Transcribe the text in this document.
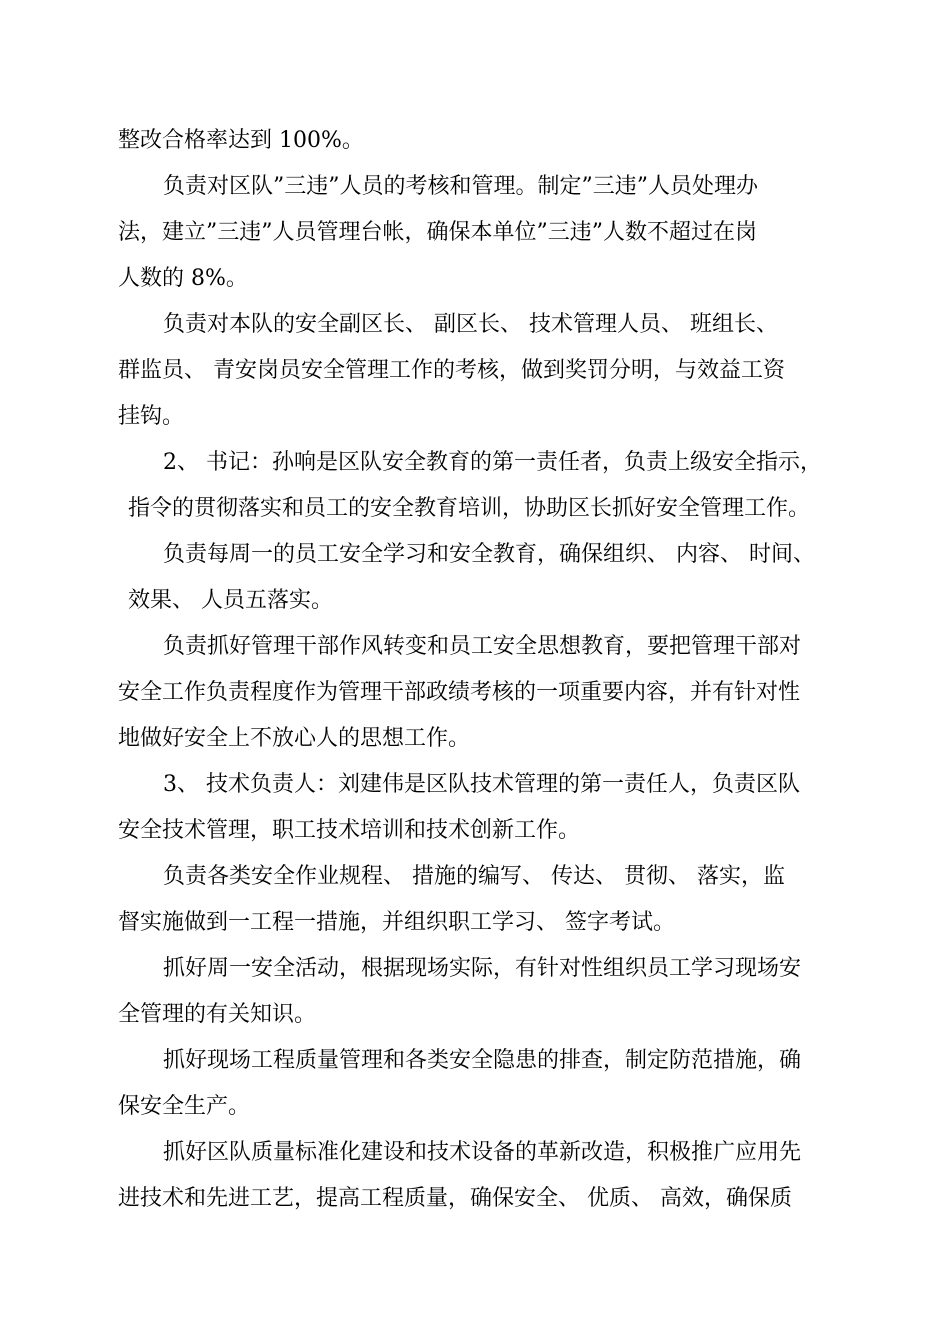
整改合格率达到 100%。
负责对区队”三违”人员的考核和管理。制定”三违”人员处理办
法，建立”三违”人员管理台帐，确保本单位”三违”人数不超过在岗
人数的 8%。
负责对本队的安全副区长、 副区长、 技术管理人员、 班组长、
群监员、 青安岗员安全管理工作的考核，做到奖罚分明，与效益工资
挂钩。
2、 书记：孙响是区队安全教育的第一责任者，负责上级安全指示，
指令的贯彻落实和员工的安全教育培训，协助区长抓好安全管理工作。
负责每周一的员工安全学习和安全教育，确保组织、 内容、 时间、
效果、 人员五落实。
负责抓好管理干部作风转变和员工安全思想教育，要把管理干部对
安全工作负责程度作为管理干部政绩考核的一项重要内容，并有针对性
地做好安全上不放心人的思想工作。
3、 技术负责人：刘建伟是区队技术管理的第一责任人，负责区队
安全技术管理，职工技术培训和技术创新工作。
负责各类安全作业规程、 措施的编写、 传达、 贯彻、 落实，监
督实施做到一工程一措施，并组织职工学习、 签字考试。
抓好周一安全活动，根据现场实际，有针对性组织员工学习现场安
全管理的有关知识。
抓好现场工程质量管理和各类安全隐患的排查，制定防范措施，确
保安全生产。
抓好区队质量标准化建设和技术设备的革新改造，积极推广应用先
进技术和先进工艺，提高工程质量，确保安全、 优质、 高效，确保质
